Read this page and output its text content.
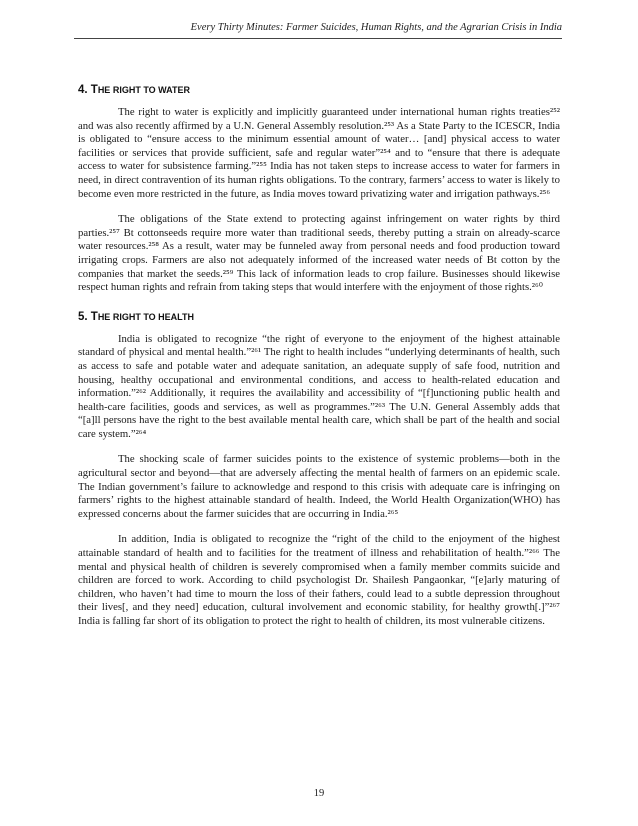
Every Thirty Minutes: Farmer Suicides, Human Rights, and the Agrarian Crisis in India
4. THE RIGHT TO WATER

The right to water is explicitly and implicitly guaranteed under international human rights treaties²⁵² and was also recently affirmed by a U.N. General Assembly resolution.²⁵³ As a State Party to the ICESCR, India is obligated to “ensure access to the minimum essential amount of water… [and] physical access to water facilities or services that provide sufficient, safe and regular water”²⁵⁴ and to “ensure that there is adequate access to water for subsistence farming.”²⁵⁵ India has not taken steps to increase access to water for farmers in need, in direct contravention of its human rights obligations. To the contrary, farmers’ access to water is likely to become even more restricted in the future, as India moves toward privatizing water and irrigation pathways.²⁵⁶

The obligations of the State extend to protecting against infringement on water rights by third parties.²⁵⁷ Bt cottonseeds require more water than traditional seeds, thereby putting a strain on already-scarce water resources.²⁵⁸ As a result, water may be funneled away from personal needs and food production toward irrigating crops. Farmers are also not adequately informed of the increased water needs of Bt cotton by the companies that market the seeds.²⁵⁹ This lack of information leads to crop failure. Businesses should likewise respect human rights and refrain from taking steps that would interfere with the enjoyment of those rights.²⁶⁰

5. THE RIGHT TO HEALTH

India is obligated to recognize “the right of everyone to the enjoyment of the highest attainable standard of physical and mental health.”²⁶¹ The right to health includes “underlying determinants of health, such as access to safe and potable water and adequate sanitation, an adequate supply of safe food, nutrition and housing, healthy occupational and environmental conditions, and access to health-related education and information.”²⁶² Additionally, it requires the availability and accessibility of “[f]unctioning public health and health-care facilities, goods and services, as well as programmes.”²⁶³ The U.N. General Assembly adds that “[a]ll persons have the right to the best available mental health care, which shall be part of the health and social care system.”²⁶⁴

The shocking scale of farmer suicides points to the existence of systemic problems—both in the agricultural sector and beyond—that are adversely affecting the mental health of farmers on an epidemic scale. The Indian government’s failure to acknowledge and respond to this crisis with adequate care is infringing on farmers’ rights to the highest attainable standard of health. Indeed, the World Health Organization(WHO) has expressed concerns about the farmer suicides that are occurring in India.²⁶⁵

In addition, India is obligated to recognize the “right of the child to the enjoyment of the highest attainable standard of health and to facilities for the treatment of illness and rehabilitation of health.”²⁶⁶ The mental and physical health of children is severely compromised when a family member commits suicide and children are forced to work. According to child psychologist Dr. Shailesh Pangaonkar, “[e]arly maturing of children, who haven’t had time to mourn the loss of their fathers, could lead to a subtle depression throughout their lives[, and they need] education, cultural involvement and economic stability, for healthy growth[.]”²⁶⁷ India is falling far short of its obligation to protect the right to health of children, its most vulnerable citizens.

19
